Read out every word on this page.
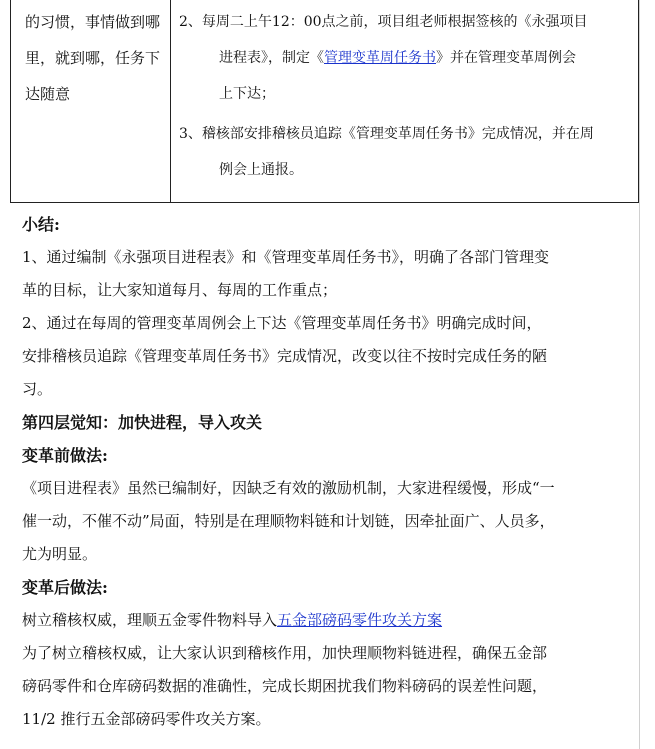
的习惯，事情做到哪
里，就到哪，任务下
达随意
2、每周二上午12：00点之前，项目组老师根据签核的《永强项目
进程表》，制定《管理变革周任务书》并在管理变革周例会
上下达；
3、稽核部安排稽核员追踪《管理变革周任务书》完成情况，并在周
例会上通报。

小结:

1、通过编制《永强项目进程表》和《管理变革周任务书》，明确了各部门管理变

革的目标，让大家知道每月、每周的工作重点；

2、通过在每周的管理变革周例会上下达《管理变革周任务书》明确完成时间，

安排稽核员追踪《管理变革周任务书》完成情况，改变以往不按时完成任务的陋

习。

第四层觉知：加快进程，导入攻关

变革前做法:

《项目进程表》虽然已编制好，因缺乏有效的激励机制，大家进程缓慢，形成“一

催一动，不催不动”局面，特别是在理顺物料链和计划链，因牵扯面广、人员多，

尤为明显。

变革后做法:

树立稽核权威，理顺五金零件物料导入五金部磅码零件攻关方案

为了树立稽核权威，让大家认识到稽核作用，加快理顺物料链进程，确保五金部

磅码零件和仓库磅码数据的准确性，完成长期困扰我们物料磅码的误差性问题，

11/2 推行五金部磅码零件攻关方案。
